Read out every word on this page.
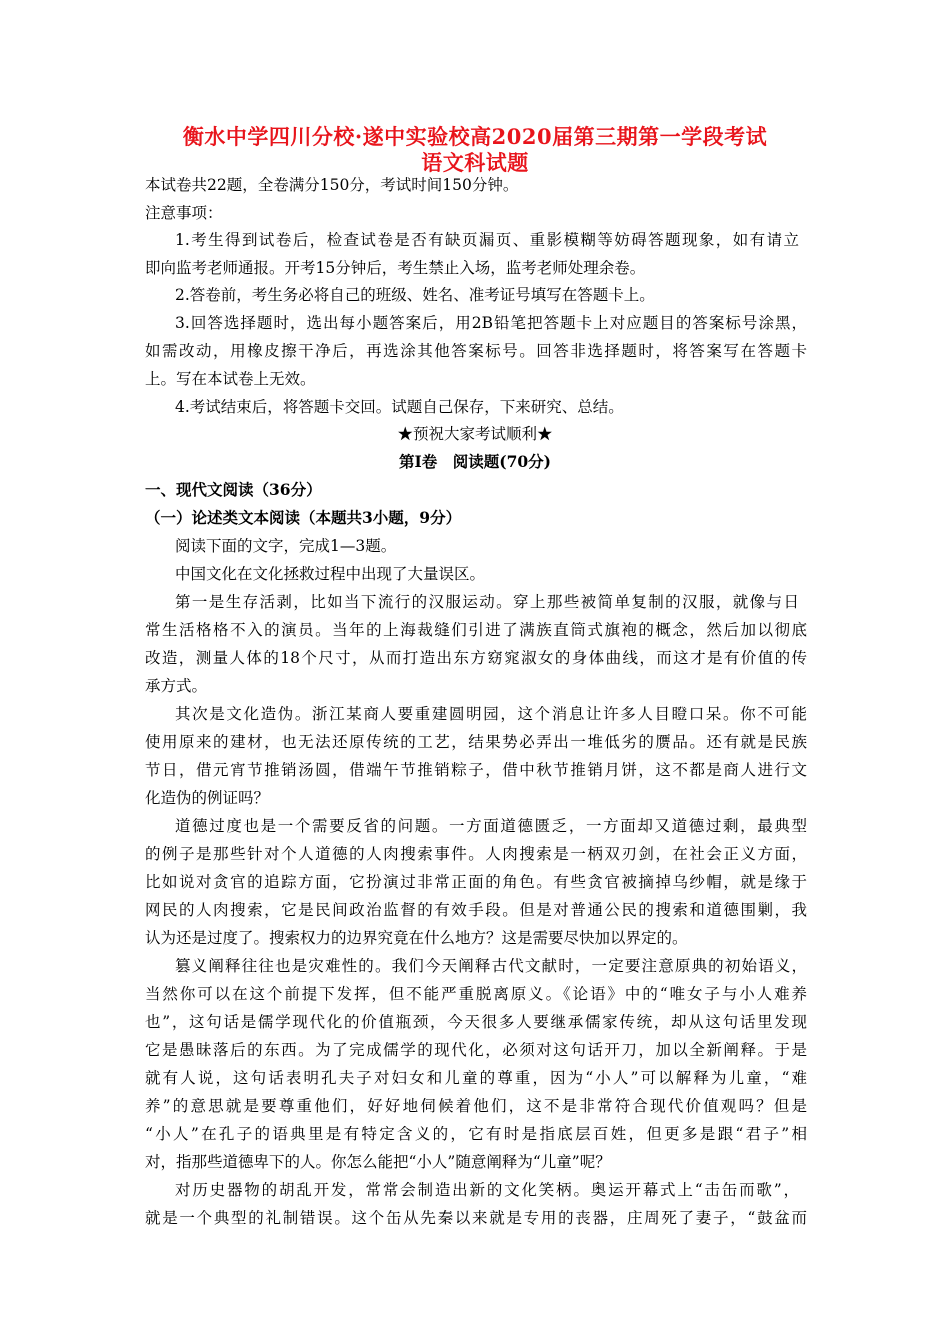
衡水中学四川分校·遂中实验校高2020届第三期第一学段考试
语文科试题
本试卷共22题，全卷满分150分，考试时间150分钟。
注意事项：
1.考生得到试卷后，检查试卷是否有缺页漏页、重影模糊等妨碍答题现象，如有请立
即向监考老师通报。开考15分钟后，考生禁止入场，监考老师处理余卷。
2.答卷前，考生务必将自己的班级、姓名、准考证号填写在答题卡上。
3.回答选择题时，选出每小题答案后，用2B铅笔把答题卡上对应题目的答案标号涂黑，
如需改动，用橡皮擦干净后，再选涂其他答案标号。回答非选择题时，将答案写在答题卡
上。写在本试卷上无效。
4.考试结束后，将答题卡交回。试题自己保存，下来研究、总结。
★预祝大家考试顺利★
第Ⅰ卷　阅读题(70分)
一、现代文阅读（36分）
（一）论述类文本阅读（本题共3小题，9分）
阅读下面的文字，完成1—3题。
中国文化在文化拯救过程中出现了大量误区。
第一是生存活剥，比如当下流行的汉服运动。穿上那些被简单复制的汉服，就像与日
常生活格格不入的演员。当年的上海裁缝们引进了满族直筒式旗袍的概念，然后加以彻底
改造，测量人体的18个尺寸，从而打造出东方窈窕淑女的身体曲线，而这才是有价值的传
承方式。
其次是文化造伪。浙江某商人要重建圆明园，这个消息让许多人目瞪口呆。你不可能
使用原来的建材，也无法还原传统的工艺，结果势必弄出一堆低劣的赝品。还有就是民族
节日，借元宵节推销汤圆，借端午节推销粽子，借中秋节推销月饼，这不都是商人进行文
化造伪的例证吗？
道德过度也是一个需要反省的问题。一方面道德匮乏，一方面却又道德过剩，最典型
的例子是那些针对个人道德的人肉搜索事件。人肉搜索是一柄双刃剑，在社会正义方面，
比如说对贪官的追踪方面，它扮演过非常正面的角色。有些贪官被摘掉乌纱帽，就是缘于
网民的人肉搜索，它是民间政治监督的有效手段。但是对普通公民的搜索和道德围剿，我
认为还是过度了。搜索权力的边界究竟在什么地方？这是需要尽快加以界定的。
篡义阐释往往也是灾难性的。我们今天阐释古代文献时，一定要注意原典的初始语义，
当然你可以在这个前提下发挥，但不能严重脱离原义。《论语》中的“唯女子与小人难养
也”，这句话是儒学现代化的价值瓶颈，今天很多人要继承儒家传统，却从这句话里发现
它是愚昧落后的东西。为了完成儒学的现代化，必须对这句话开刀，加以全新阐释。于是
就有人说，这句话表明孔夫子对妇女和儿童的尊重，因为“小人”可以解释为儿童，“难
养”的意思就是要尊重他们，好好地伺候着他们，这不是非常符合现代价值观吗？但是
“小人”在孔子的语典里是有特定含义的，它有时是指底层百姓，但更多是跟“君子”相
对，指那些道德卑下的人。你怎么能把“小人”随意阐释为“儿童”呢？
对历史器物的胡乱开发，常常会制造出新的文化笑柄。奥运开幕式上“击缶而歌”，
就是一个典型的礼制错误。这个缶从先秦以来就是专用的丧器，庄周死了妻子，“鼓盆而
